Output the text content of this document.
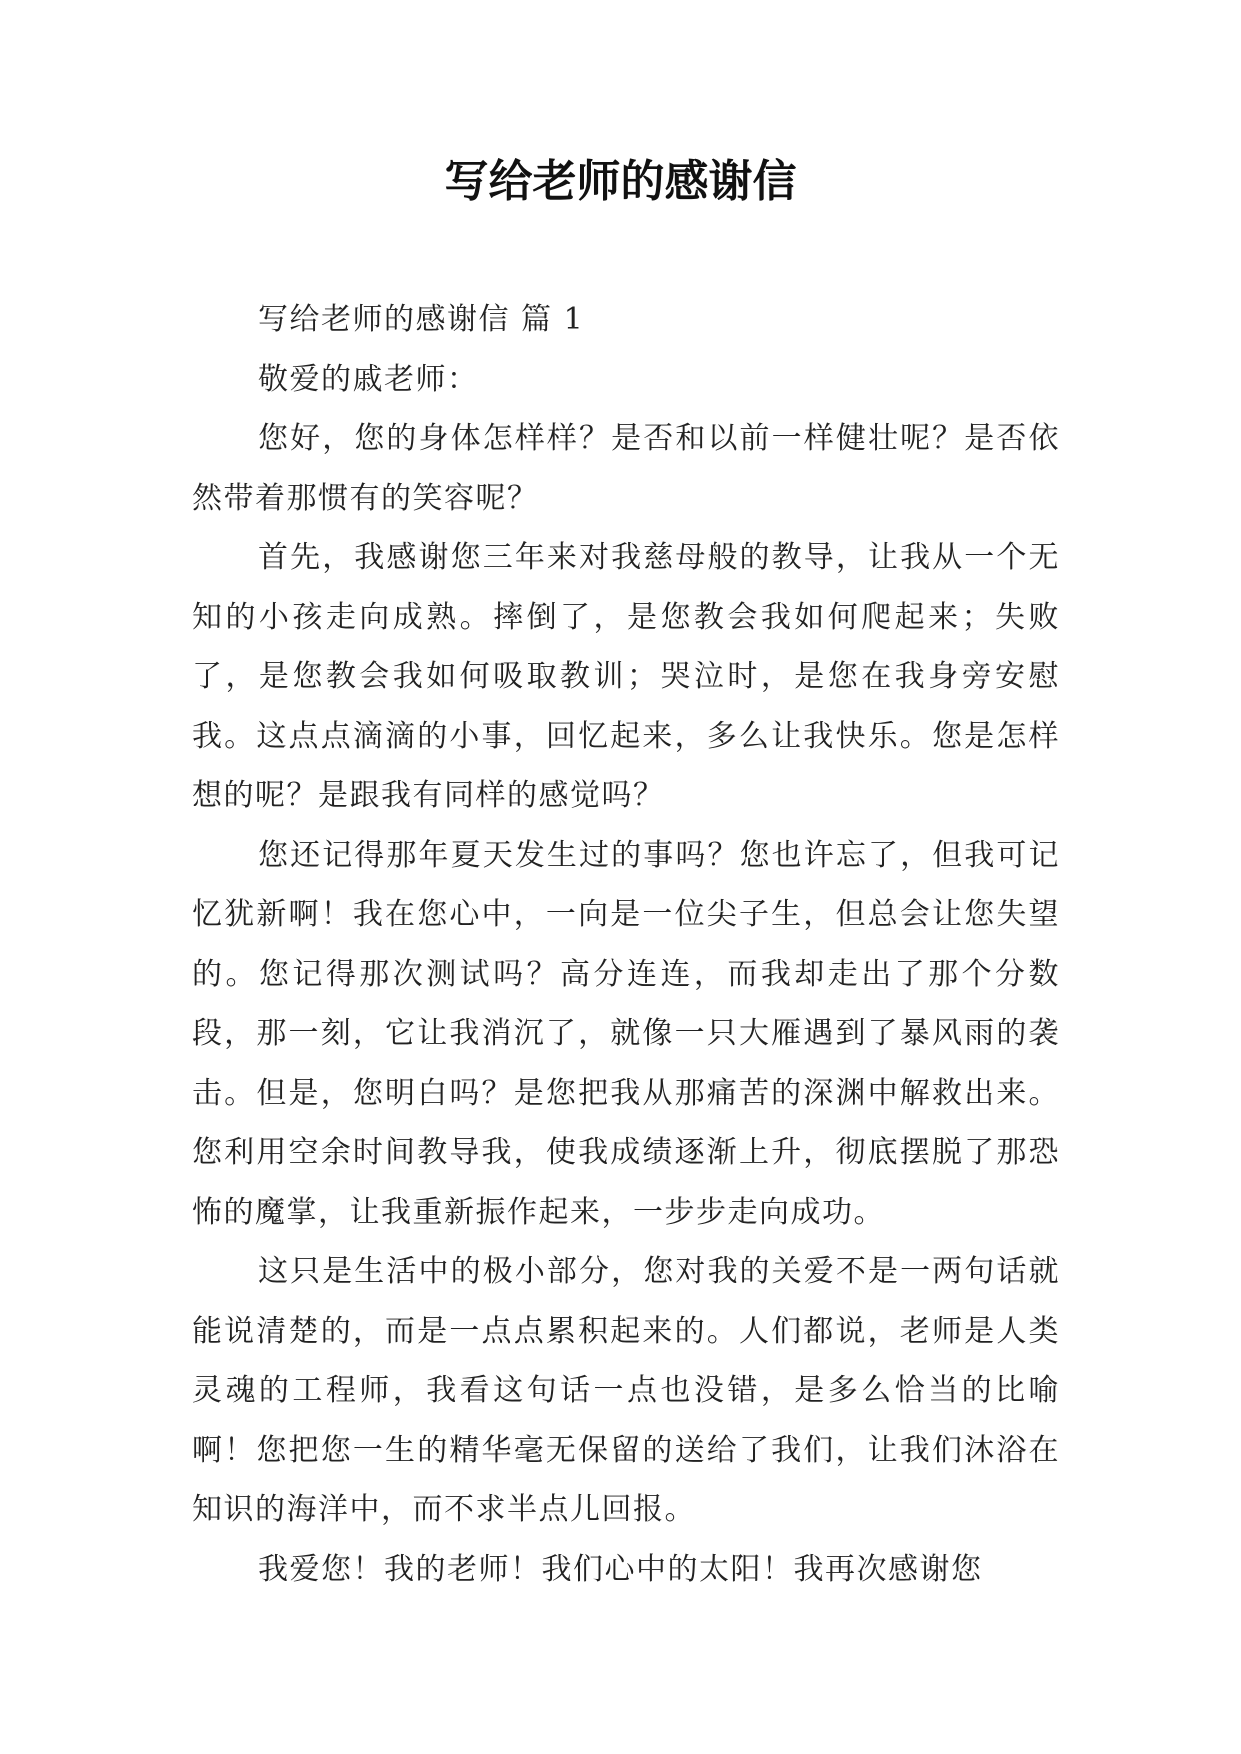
写给老师的感谢信

写给老师的感谢信 篇 1

敬爱的戚老师：

您好，您的身体怎样样？是否和以前一样健壮呢？是否依然带着那惯有的笑容呢？

首先，我感谢您三年来对我慈母般的教导，让我从一个无知的小孩走向成熟。摔倒了，是您教会我如何爬起来；失败了，是您教会我如何吸取教训；哭泣时，是您在我身旁安慰我。这点点滴滴的小事，回忆起来，多么让我快乐。您是怎样想的呢？是跟我有同样的感觉吗？

您还记得那年夏天发生过的事吗？您也许忘了，但我可记忆犹新啊！我在您心中，一向是一位尖子生，但总会让您失望的。您记得那次测试吗？高分连连，而我却走出了那个分数段，那一刻，它让我消沉了，就像一只大雁遇到了暴风雨的袭击。但是，您明白吗？是您把我从那痛苦的深渊中解救出来。您利用空余时间教导我，使我成绩逐渐上升，彻底摆脱了那恐怖的魔掌，让我重新振作起来，一步步走向成功。

这只是生活中的极小部分，您对我的关爱不是一两句话就能说清楚的，而是一点点累积起来的。人们都说，老师是人类灵魂的工程师，我看这句话一点也没错，是多么恰当的比喻啊！您把您一生的精华毫无保留的送给了我们，让我们沐浴在知识的海洋中，而不求半点儿回报。

我爱您！我的老师！我们心中的太阳！我再次感谢您
